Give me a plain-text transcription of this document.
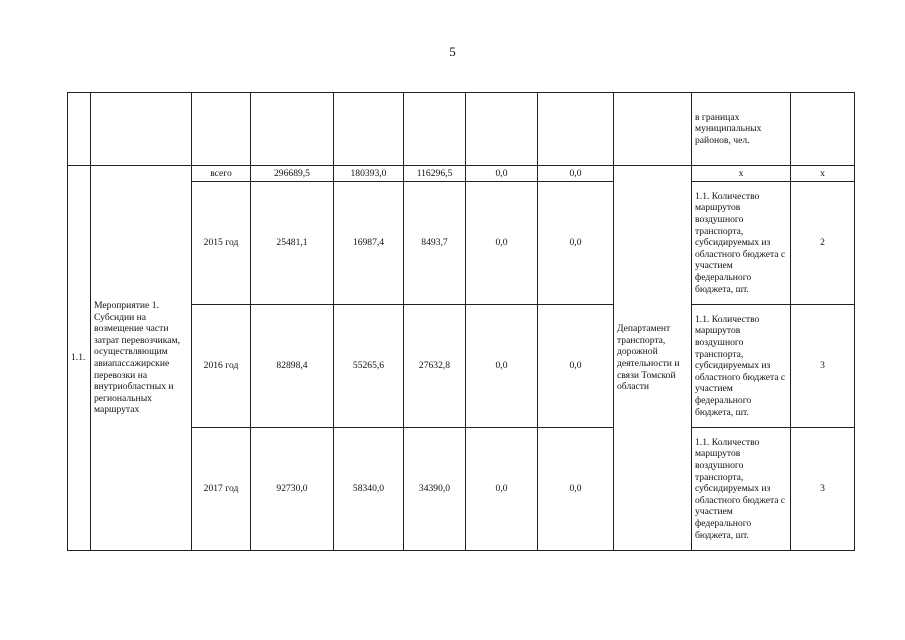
5
									в границах муниципальных районов, чел.	
1.1.	Мероприятие 1. Субсидии на возмещение части затрат перевозчикам, осуществляющим авиапассажирские перевозки на внутриобластных и региональных маршрутах	всего	296689,5	180393,0	116296,5	0,0	0,0	Департамент транспорта, дорожной деятельности и связи Томской области	х	х
		2015 год	25481,1	16987,4	8493,7	0,0	0,0		1.1. Количество маршрутов воздушного транспорта, субсидируемых из областного бюджета с участием федерального бюджета, шт.	2
		2016 год	82898,4	55265,6	27632,8	0,0	0,0		1.1. Количество маршрутов воздушного транспорта, субсидируемых из областного бюджета с участием федерального бюджета, шт.	3
		2017 год	92730,0	58340,0	34390,0	0,0	0,0		1.1. Количество маршрутов воздушного транспорта, субсидируемых из областного бюджета с участием федерального бюджета, шт.	3
